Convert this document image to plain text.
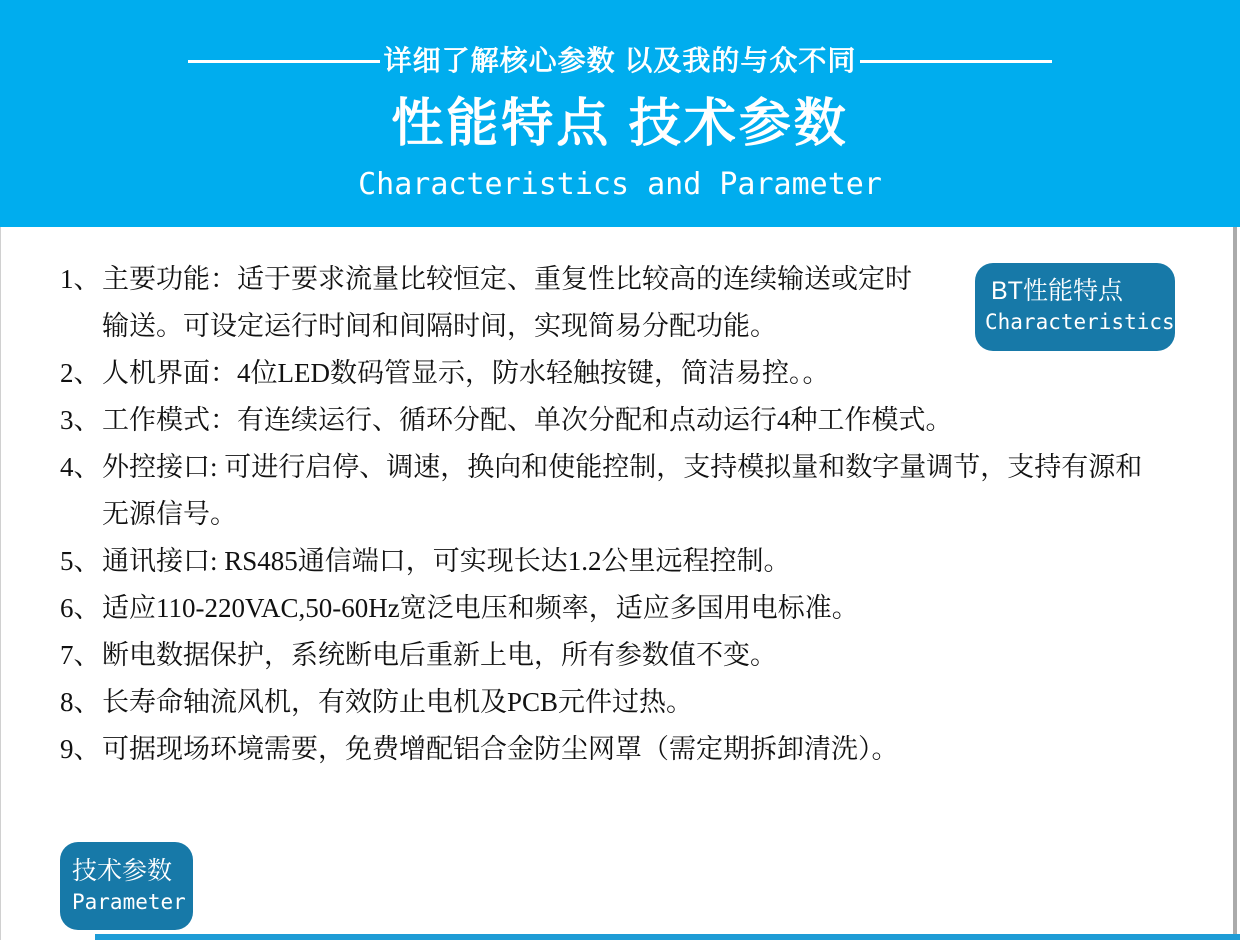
详细了解核心参数 以及我的与众不同
性能特点 技术参数
Characteristics and Parameter
1、 主要功能：适于要求流量比较恒定、重复性比较高的连续输送或定时
输送。可设定运行时间和间隔时间，实现简易分配功能。
2、 人机界面：4位LED数码管显示，防水轻触按键，简洁易控。。
3、 工作模式：有连续运行、循环分配、单次分配和点动运行4种工作模式。
4、 外控接口: 可进行启停、调速，换向和使能控制，支持模拟量和数字量调节，支持有源和
无源信号。
5、 通讯接口: RS485通信端口，可实现长达1.2公里远程控制。
6、 适应110-220VAC,50-60Hz宽泛电压和频率，适应多国用电标准。
7、 断电数据保护，系统断电后重新上电，所有参数值不变。
8、 长寿命轴流风机，有效防止电机及PCB元件过热。
9、 可据现场环境需要，免费增配铝合金防尘网罩（需定期拆卸清洗）。
BT性能特点
Characteristics
技术参数
Parameter
